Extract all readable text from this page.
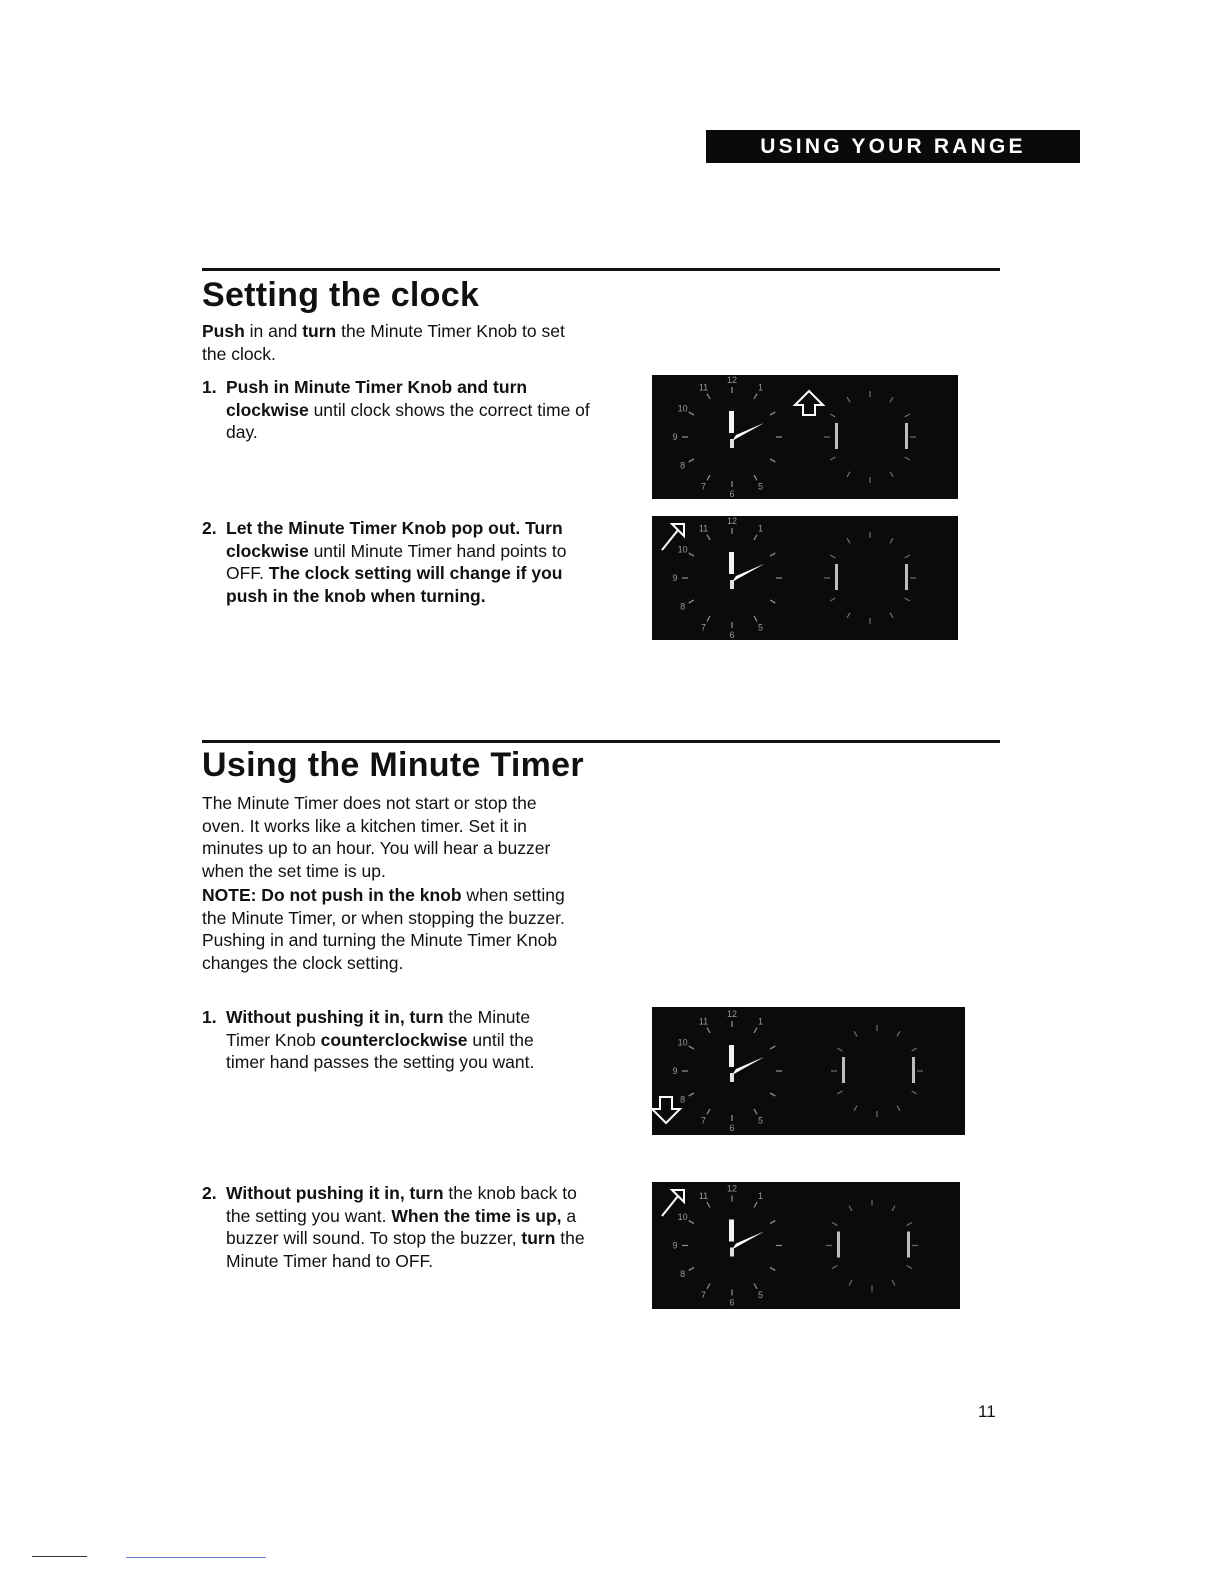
USING YOUR RANGE
Setting the clock

Push in and turn the Minute Timer Knob to set the clock.

1. Push in Minute Timer Knob and turn clockwise until clock shows the correct time of day.
2. Let the Minute Timer Knob pop out. Turn clockwise until Minute Timer hand points to OFF. The clock setting will change if you push in the knob when turning.
12
1
5
6
7
8
9
10
11
12
1
5
6
7
8
9
10
11
Using the Minute Timer

The Minute Timer does not start or stop the oven. It works like a kitchen timer. Set it in minutes up to an hour. You will hear a buzzer when the set time is up.

NOTE: Do not push in the knob when setting the Minute Timer, or when stopping the buzzer. Pushing in and turning the Minute Timer Knob changes the clock setting.

1. Without pushing it in, turn the Minute Timer Knob counterclockwise until the timer hand passes the setting you want.
2. Without pushing it in, turn the knob back to the setting you want. When the time is up, a buzzer will sound. To stop the buzzer, turn the Minute Timer hand to OFF.
12
1
5
6
7
8
9
10
11
12
1
5
6
7
8
9
10
11
11
